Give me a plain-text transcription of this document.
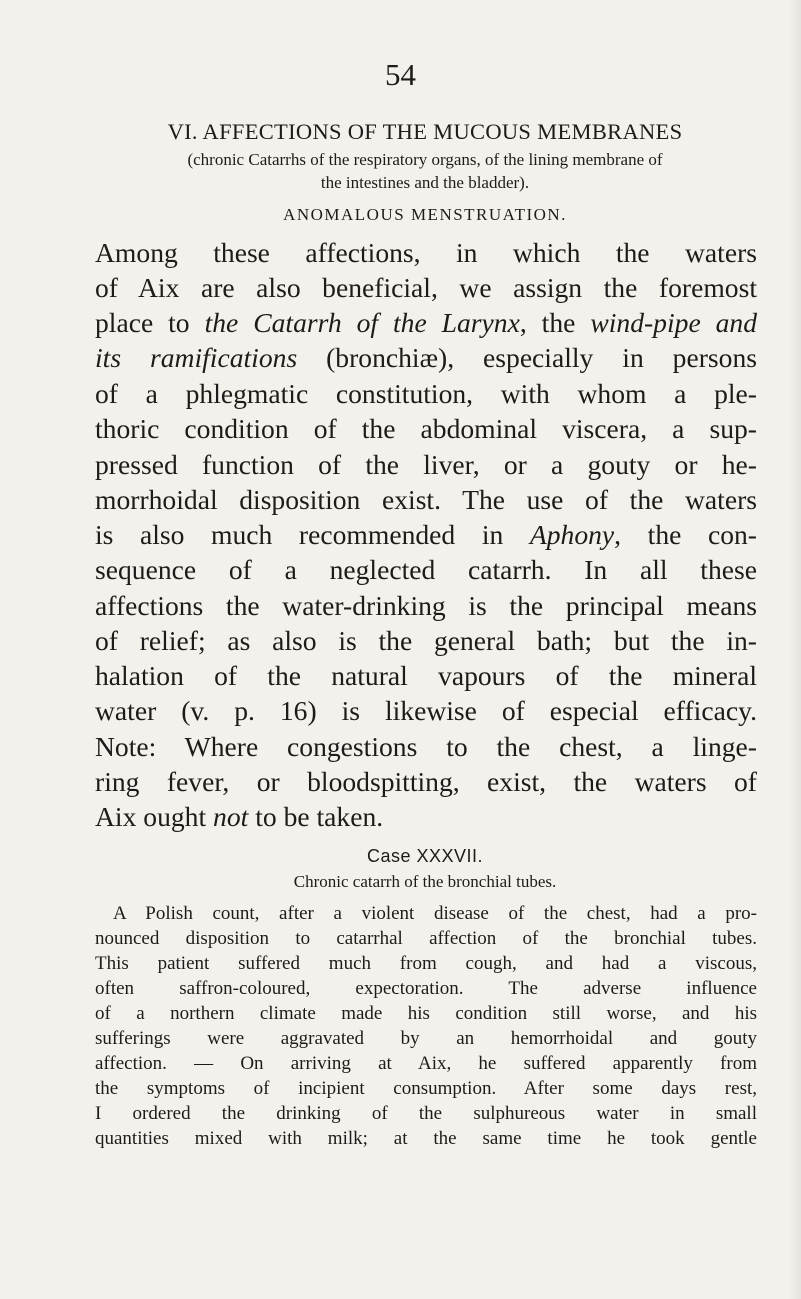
54
VI. AFFECTIONS OF THE MUCOUS MEMBRANES
(chronic Catarrhs of the respiratory organs, of the lining membrane of
the intestines and the bladder).
ANOMALOUS MENSTRUATION.
Among these affections, in which the waters
of Aix are also beneficial, we assign the foremost
place to the Catarrh of the Larynx, the wind-pipe and
its ramifications (bronchiæ), especially in persons
of a phlegmatic constitution, with whom a ple-
thoric condition of the abdominal viscera, a sup-
pressed function of the liver, or a gouty or he-
morrhoidal disposition exist. The use of the waters
is also much recommended in Aphony, the con-
sequence of a neglected catarrh. In all these
affections the water-drinking is the principal means
of relief; as also is the general bath; but the in-
halation of the natural vapours of the mineral
water (v. p. 16) is likewise of especial efficacy.
Note: Where congestions to the chest, a linge-
ring fever, or bloodspitting, exist, the waters of
Aix ought not to be taken.
Case XXXVII.
Chronic catarrh of the bronchial tubes.
A Polish count, after a violent disease of the chest, had a pro-
nounced disposition to catarrhal affection of the bronchial tubes.
This patient suffered much from cough, and had a viscous,
often saffron-coloured, expectoration. The adverse influence
of a northern climate made his condition still worse, and his
sufferings were aggravated by an hemorrhoidal and gouty
affection. — On arriving at Aix, he suffered apparently from
the symptoms of incipient consumption. After some days rest,
I ordered the drinking of the sulphureous water in small
quantities mixed with milk; at the same time he took gentle
